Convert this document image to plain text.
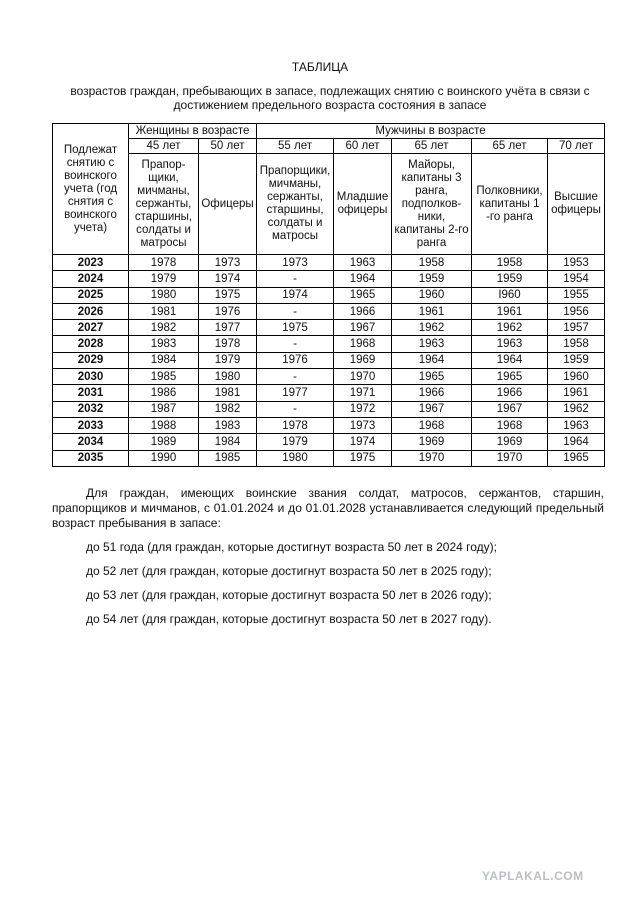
ТАБЛИЦА
возрастов граждан, пребывающих в запасе, подлежащих снятию с воинского учёта в связи с достижением предельного возраста состояния в запасе
Подлежат снятию с воинского учета (год снятия с воинского учета)	Женщины в возрасте		Мужчины в возрасте				
	45 лет	50 лет	55 лет	60 лет	65 лет	65 лет	70 лет
	Прапор-щики, мичманы, сержанты, старшины, солдаты и матросы	Офицеры	Прапорщики, мичманы, сержанты, старшины, солдаты и матросы	Младшие офицеры	Майоры, капитаны 3 ранга, подполков-ники, капитаны 2-го ранга	Полковники, капитаны 1 -го ранга	Высшие офицеры
2023	1978	1973	1973	1963	1958	1958	1953
2024	1979	1974	-	1964	1959	1959	1954
2025	1980	1975	1974	1965	1960	I960	1955
2026	1981	1976	-	1966	1961	1961	1956
2027	1982	1977	1975	1967	1962	1962	1957
2028	1983	1978	-	1968	1963	1963	1958
2029	1984	1979	1976	1969	1964	1964	1959
2030	1985	1980	-	1970	1965	1965	1960
2031	1986	1981	1977	1971	1966	1966	1961
2032	1987	1982	-	1972	1967	1967	1962
2033	1988	1983	1978	1973	1968	1968	1963
2034	1989	1984	1979	1974	1969	1969	1964
2035	1990	1985	1980	1975	1970	1970	1965
Для граждан, имеющих воинские звания солдат, матросов, сержантов, старшин, прапорщиков и мичманов, с 01.01.2024 и до 01.01.2028 устанавливается следующий предельный возраст пребывания в запасе:
до 51 года (для граждан, которые достигнут возраста 50 лет в 2024 году);
до 52 лет (для граждан, которые достигнут возраста 50 лет в 2025 году);
до 53 лет (для граждан, которые достигнут возраста 50 лет в 2026 году);
до 54 лет (для граждан, которые достигнут возраста 50 лет в 2027 году).
YAPLAKAL.COM
